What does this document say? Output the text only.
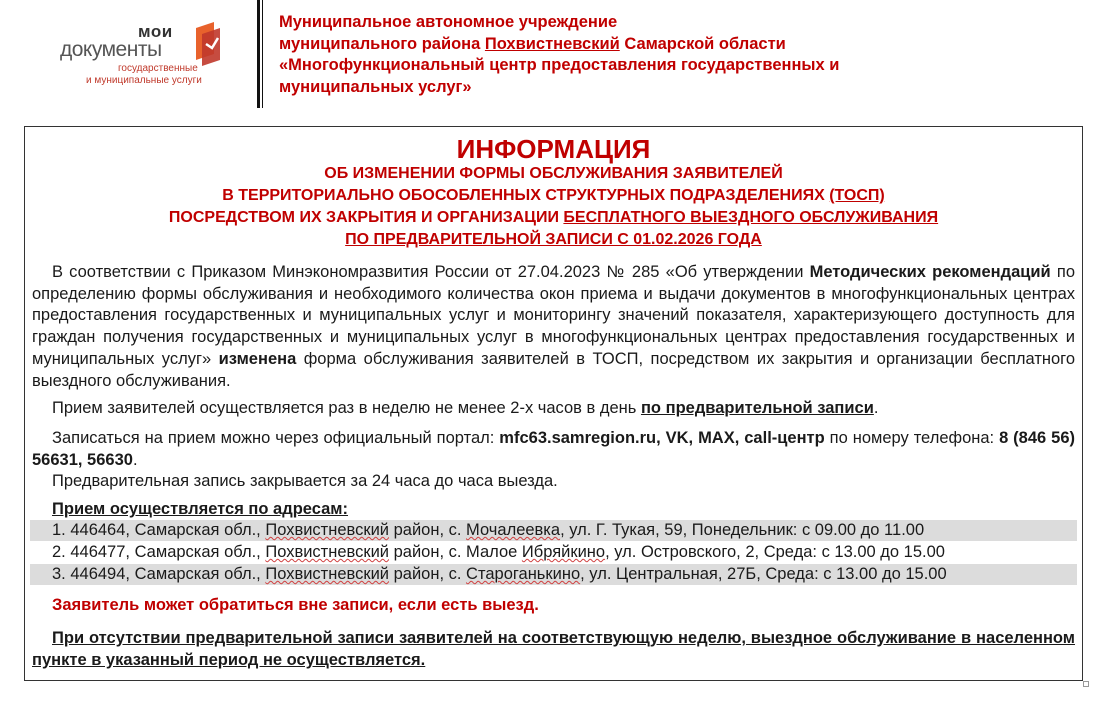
мои
документы
государственные
и муниципальные услуги
Муниципальное автономное учреждение
муниципального района Похвистневский Самарской области
«Многофункциональный центр предоставления государственных и
муниципальных услуг»
ИНФОРМАЦИЯ
ОБ ИЗМЕНЕНИИ ФОРМЫ ОБСЛУЖИВАНИЯ ЗАЯВИТЕЛЕЙ
В ТЕРРИТОРИАЛЬНО ОБОСОБЛЕННЫХ СТРУКТУРНЫХ ПОДРАЗДЕЛЕНИЯХ (ТОСП)
ПОСРЕДСТВОМ ИХ ЗАКРЫТИЯ И ОРГАНИЗАЦИИ БЕСПЛАТНОГО ВЫЕЗДНОГО ОБСЛУЖИВАНИЯ
ПО ПРЕДВАРИТЕЛЬНОЙ ЗАПИСИ С 01.02.2026 ГОДА
В соответствии с Приказом Минэкономразвития России от 27.04.2023 № 285 «Об утверждении Методических рекомендаций по определению формы обслуживания и необходимого количества окон приема и выдачи документов в многофункциональных центрах предоставления государственных и муниципальных услуг и мониторингу значений показателя, характеризующего доступность для граждан получения государственных и муниципальных услуг в многофункциональных центрах предоставления государственных и муниципальных услуг» изменена форма обслуживания заявителей в ТОСП, посредством их закрытия и организации бесплатного выездного обслуживания.
Прием заявителей осуществляется раз в неделю не менее 2-х часов в день по предварительной записи.
Записаться на прием можно через официальный портал: mfc63.samregion.ru, VK, MAX, call-центр по номеру телефона: 8 (846 56) 56631, 56630.
Предварительная запись закрывается за 24 часа до часа выезда.
Прием осуществляется по адресам:
1. 446464, Самарская обл., Похвистневский район, с. Мочалеевка, ул. Г. Тукая, 59, Понедельник: с 09.00 до 11.00
2. 446477, Самарская обл., Похвистневский район, с. Малое Ибряйкино, ул. Островского, 2, Среда: с 13.00 до 15.00
3. 446494, Самарская обл., Похвистневский район, с. Староганькино, ул. Центральная, 27Б, Среда: с 13.00 до 15.00
Заявитель может обратиться вне записи, если есть выезд.
При отсутствии предварительной записи заявителей на соответствующую неделю, выездное обслуживание в населенном пункте в указанный период не осуществляется.
